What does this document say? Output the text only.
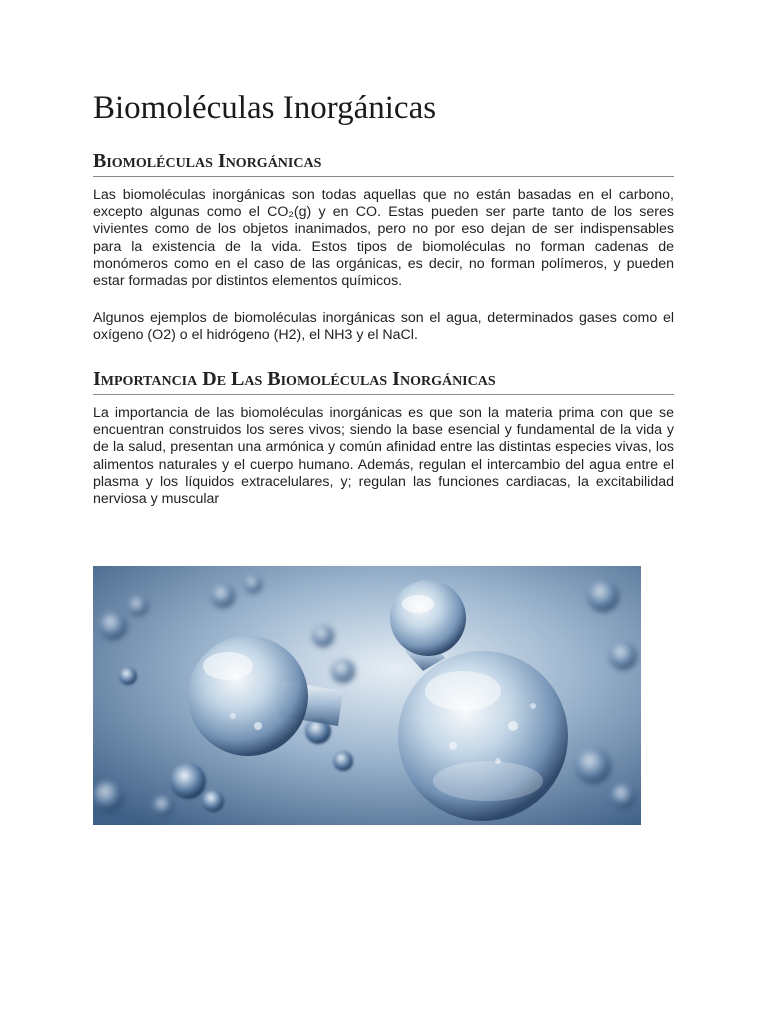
Biomoléculas Inorgánicas
Biomoléculas Inorgánicas

Las biomoléculas inorgánicas son todas aquellas que no están basadas en el carbono, excepto algunas como el CO₂(g) y en CO. Estas pueden ser parte tanto de los seres vivientes como de los objetos inanimados, pero no por eso dejan de ser indispensables para la existencia de la vida. Estos tipos de biomoléculas no forman cadenas de monómeros como en el caso de las orgánicas, es decir, no forman polímeros, y pueden estar formadas por distintos elementos químicos.

Algunos ejemplos de biomoléculas inorgánicas son el agua, determinados gases como el oxígeno (O2) o el hidrógeno (H2), el NH3 y el NaCl.

Importancia De Las Biomoléculas Inorgánicas

La importancia de las biomoléculas inorgánicas es que son la materia prima con que se encuentran construidos los seres vivos; siendo la base esencial y fundamental de la vida y de la salud, presentan una armónica y común afinidad entre las distintas especies vivas, los alimentos naturales y el cuerpo humano. Además, regulan el intercambio del agua entre el plasma y los líquidos extracelulares, y; regulan las funciones cardiacas, la excitabilidad nerviosa y muscular
